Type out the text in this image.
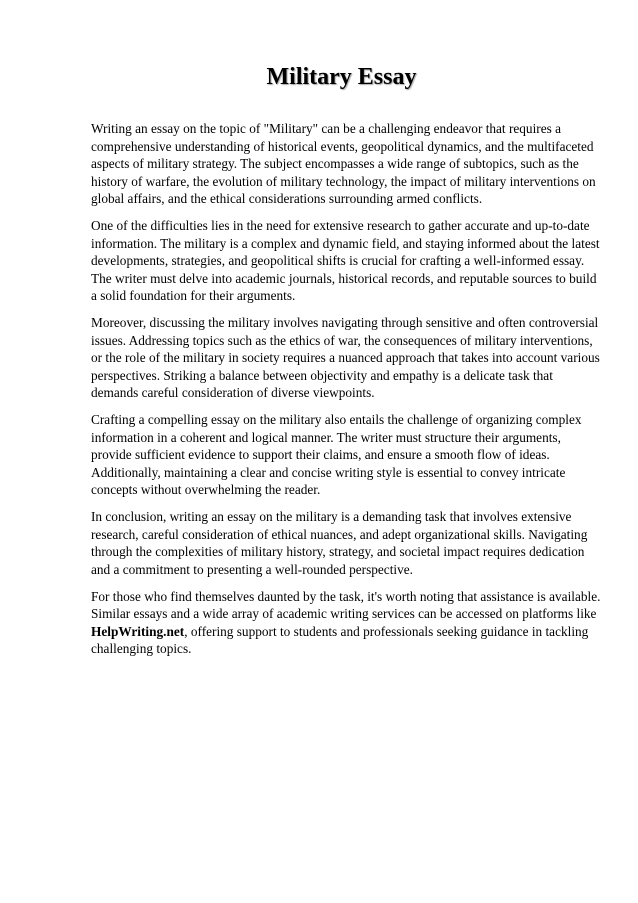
Military Essay

Writing an essay on the topic of "Military" can be a challenging endeavor that requires a comprehensive understanding of historical events, geopolitical dynamics, and the multifaceted aspects of military strategy. The subject encompasses a wide range of subtopics, such as the history of warfare, the evolution of military technology, the impact of military interventions on global affairs, and the ethical considerations surrounding armed conflicts.

One of the difficulties lies in the need for extensive research to gather accurate and up-to-date information. The military is a complex and dynamic field, and staying informed about the latest developments, strategies, and geopolitical shifts is crucial for crafting a well-informed essay. The writer must delve into academic journals, historical records, and reputable sources to build a solid foundation for their arguments.

Moreover, discussing the military involves navigating through sensitive and often controversial issues. Addressing topics such as the ethics of war, the consequences of military interventions, or the role of the military in society requires a nuanced approach that takes into account various perspectives. Striking a balance between objectivity and empathy is a delicate task that demands careful consideration of diverse viewpoints.

Crafting a compelling essay on the military also entails the challenge of organizing complex information in a coherent and logical manner. The writer must structure their arguments, provide sufficient evidence to support their claims, and ensure a smooth flow of ideas. Additionally, maintaining a clear and concise writing style is essential to convey intricate concepts without overwhelming the reader.

In conclusion, writing an essay on the military is a demanding task that involves extensive research, careful consideration of ethical nuances, and adept organizational skills. Navigating through the complexities of military history, strategy, and societal impact requires dedication and a commitment to presenting a well-rounded perspective.

For those who find themselves daunted by the task, it's worth noting that assistance is available. Similar essays and a wide array of academic writing services can be accessed on platforms like HelpWriting.net, offering support to students and professionals seeking guidance in tackling challenging topics.
